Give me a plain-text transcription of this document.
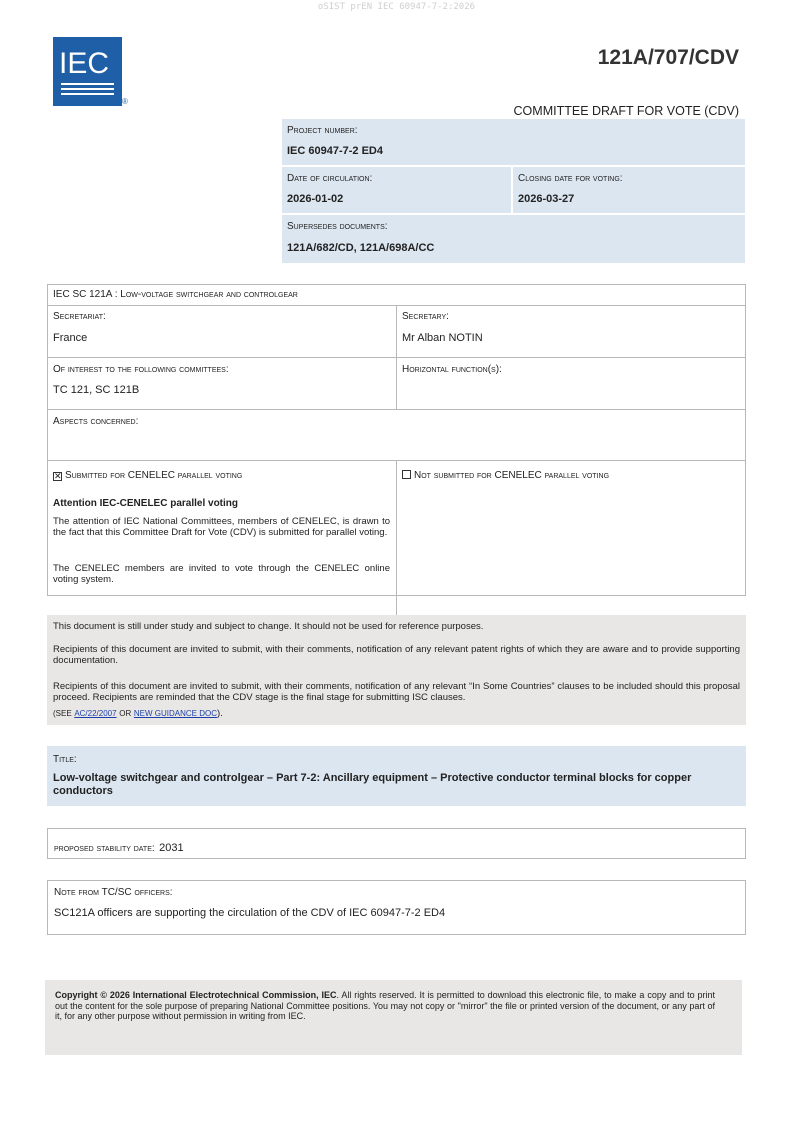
oSIST prEN IEC 60947-7-2:2026
IEC
®
121A/707/CDV
COMMITTEE DRAFT FOR VOTE (CDV)
Project number:
IEC 60947-7-2 ED4
Date of circulation:
2026-01-02
Closing date for voting:
2026-03-27
Supersedes documents:
121A/682/CD, 121A/698A/CC
IEC SC 121A : Low-voltage switchgear and controlgear
Secretariat:
France
Secretary:
Mr Alban NOTIN
Of interest to the following committees:
TC 121, SC 121B
Horizontal function(s):
Aspects concerned:
✕ Submitted for CENELEC parallel voting	Not submitted for CENELEC parallel voting
Attention IEC-CENELEC parallel voting

The attention of IEC National Committees, members of CENELEC, is drawn to the fact that this Committee Draft for Vote (CDV) is submitted for parallel voting.

The CENELEC members are invited to vote through the CENELEC online voting system.

This document is still under study and subject to change. It should not be used for reference purposes.

Recipients of this document are invited to submit, with their comments, notification of any relevant patent rights of which they are aware and to provide supporting documentation.

Recipients of this document are invited to submit, with their comments, notification of any relevant “In Some Countries” clauses to be included should this proposal proceed. Recipients are reminded that the CDV stage is the final stage for submitting ISC clauses.

(SEE AC/22/2007 OR NEW GUIDANCE DOC).
Title:
Low-voltage switchgear and controlgear – Part 7-2: Ancillary equipment – Protective conductor terminal blocks for copper conductors
proposed stability date: 2031
Note from TC/SC officers:
SC121A officers are supporting the circulation of the CDV of IEC 60947-7-2 ED4

Copyright © 2026 International Electrotechnical Commission, IEC. All rights reserved. It is permitted to download this electronic file, to make a copy and to print out the content for the sole purpose of preparing National Committee positions. You may not copy or "mirror" the file or printed version of the document, or any part of it, for any other purpose without permission in writing from IEC.
